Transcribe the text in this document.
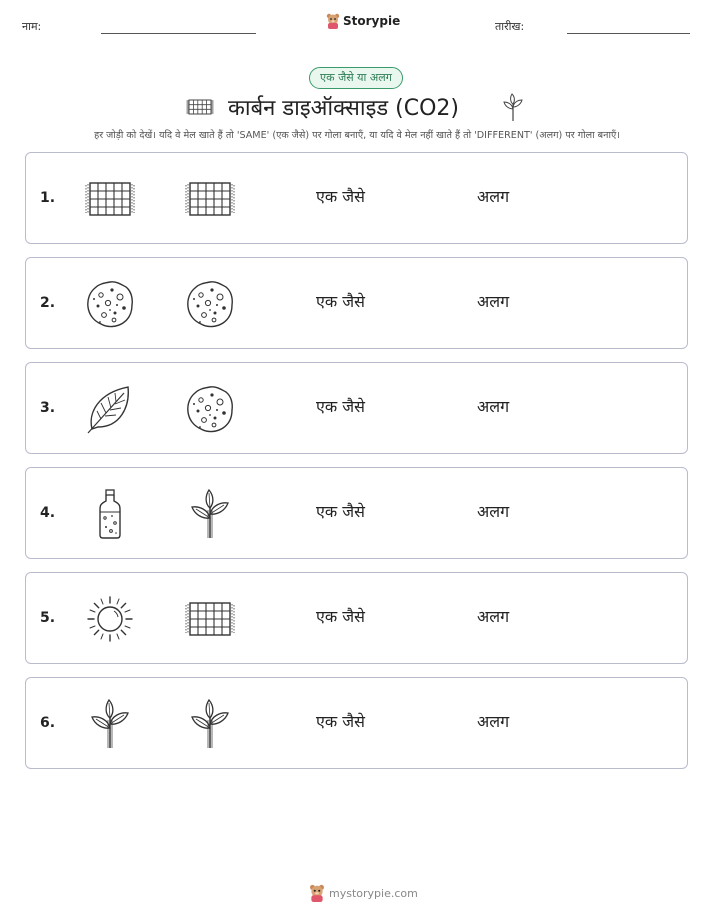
नाम:	Storypie	तारीख:
एक जैसे या अलग
कार्बन डाइऑक्साइड (CO2)
हर जोड़ी को देखें। यदि वे मेल खाते हैं तो 'SAME' (एक जैसे) पर गोला बनाएँ, या यदि वे मेल नहीं खाते हैं तो 'DIFFERENT' (अलग) पर गोला बनाएँ।
1.	एक जैसे	अलग
2.	एक जैसे	अलग
3.	एक जैसे	अलग
4.	एक जैसे	अलग
5.	एक जैसे	अलग
6.	एक जैसे	अलग
mystorypie.com
